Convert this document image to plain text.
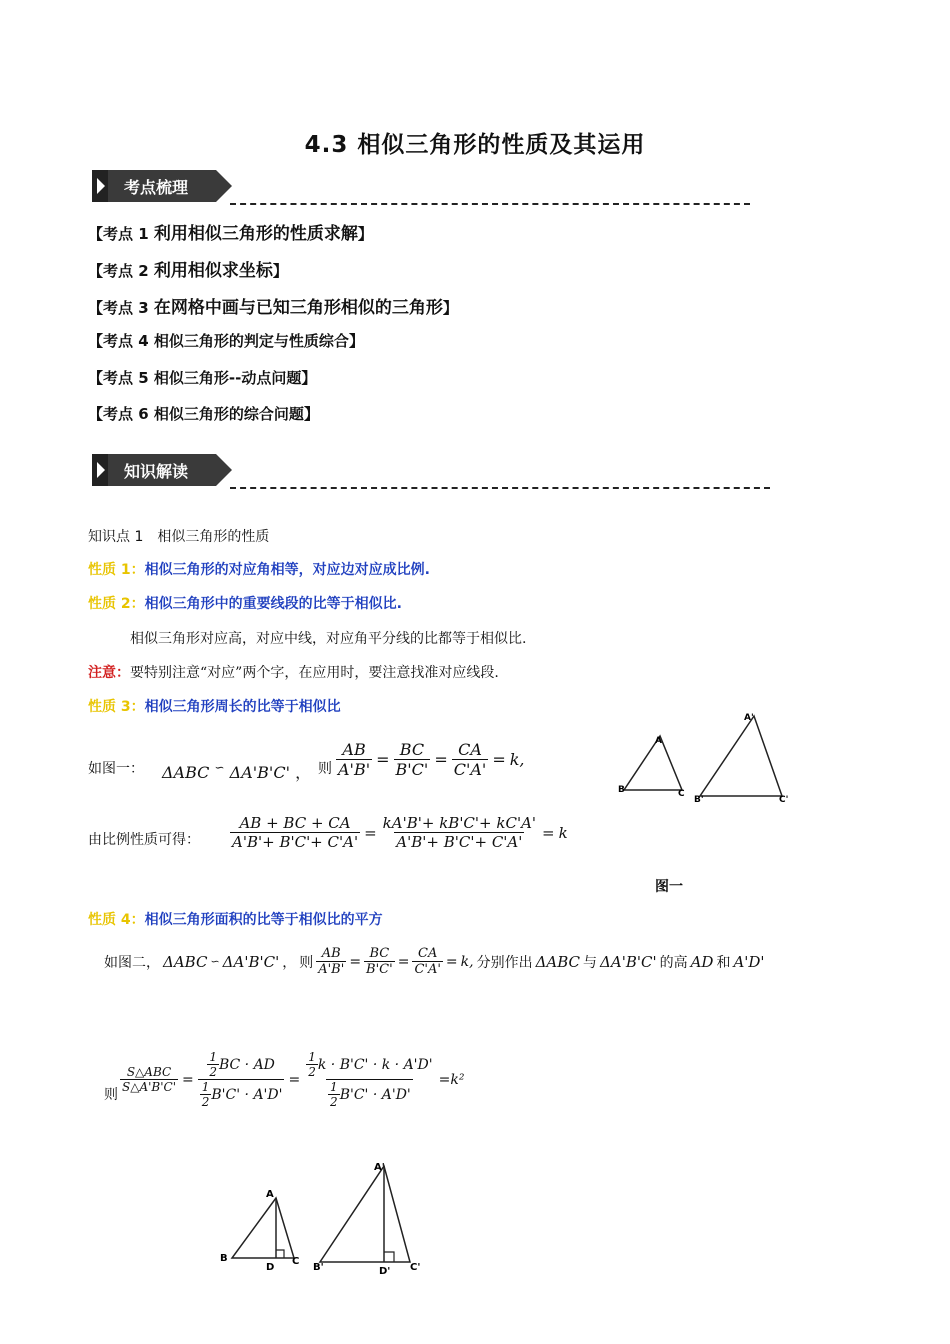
4.3 相似三角形的性质及其运用
考点梳理
【考点 1 利用相似三角形的性质求解】
【考点 2 利用相似求坐标】
【考点 3 在网格中画与已知三角形相似的三角形】
【考点 4 相似三角形的判定与性质综合】
【考点 5 相似三角形--动点问题】
【考点 6 相似三角形的综合问题】
知识解读
知识点 1　相似三角形的性质
性质 1：相似三角形的对应角相等，对应边对应成比例.
性质 2：相似三角形中的重要线段的比等于相似比.
相似三角形对应高，对应中线，对应角平分线的比都等于相似比.
注意：要特别注意“对应”两个字，在应用时，要注意找准对应线段.
性质 3：相似三角形周长的比等于相似比
如图一： ΔABC ∽ ΔA'B'C' ， 则 $\frac{AB}{A'B'} = \frac{BC}{B'C'} = \frac{CA}{C'A'} = k$,
由比例性质可得： $\frac{AB + BC + CA}{A'B'+ B'C'+ C'A'} = \frac{kA'B'+ kB'C'+ kC'A'}{A'B'+ B'C'+ C'A'} = k$
A
B	C
A'
B'	C'
图一
性质 4：相似三角形面积的比等于相似比的平方
如图二， ΔABC ∽ ΔA'B'C' ， 则 $\frac{AB}{A'B'} = \frac{BC}{B'C'} = \frac{CA}{C'A'} = k$, 分别作出 ΔABC 与 ΔA'B'C' 的高 AD 和 A'D'
则
$\frac{\text{S△ABC}}{S\triangle A'B'C'} = \frac{\frac{1}{2} BC \cdot AD}{\frac{1}{2} B'C' \cdot A'D'} = \frac{\frac{1}{2} k \cdot B'C' \cdot k \cdot A'D'}{\frac{1}{2} B'C' \cdot A'D'} =k^2$
A
B	C
D
A'
B'	C'
D'
